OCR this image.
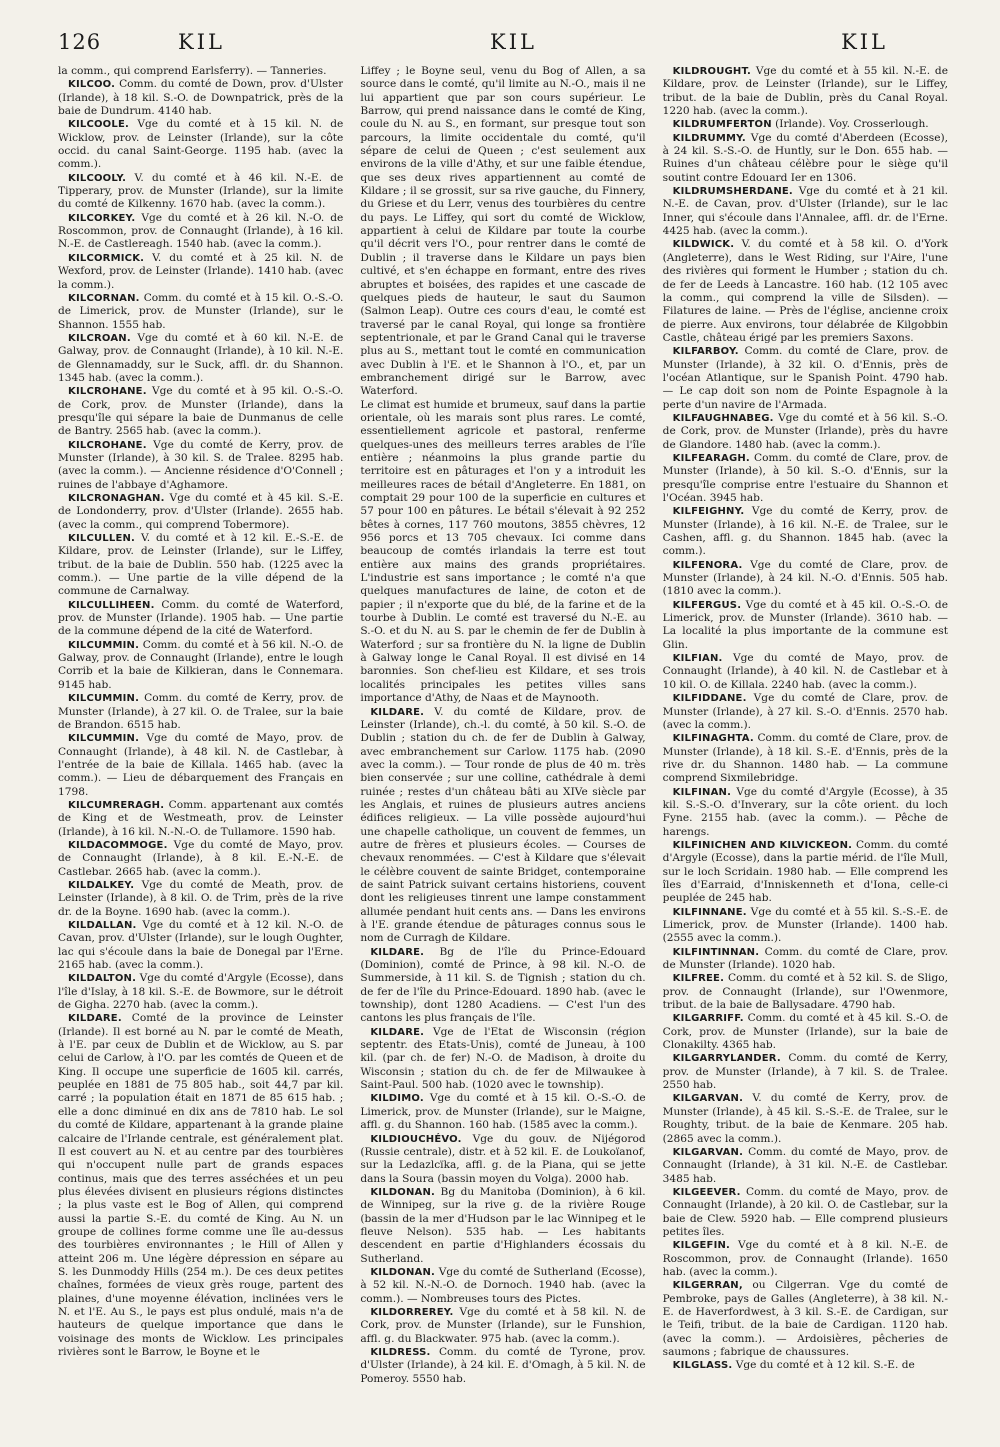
126	KIL	KIL	KIL

la comm., qui comprend Earlsferry). — Tanneries.

KILCOO. Comm. du comté de Down, prov. d'Ulster (Irlande), à 18 kil. S.-O. de Downpatrick, près de la baie de Dundrum. 4140 hab.

KILCOOLE. Vge du comté et à 15 kil. N. de Wicklow, prov. de Leinster (Irlande), sur la côte occid. du canal Saint-George. 1195 hab. (avec la comm.).

KILCOOLY. V. du comté et à 46 kil. N.-E. de Tipperary, prov. de Munster (Irlande), sur la limite du comté de Kilkenny. 1670 hab. (avec la comm.).

KILCORKEY. Vge du comté et à 26 kil. N.-O. de Roscommon, prov. de Connaught (Irlande), à 16 kil. N.-E. de Castlereagh. 1540 hab. (avec la comm.).

KILCORMICK. V. du comté et à 25 kil. N. de Wexford, prov. de Leinster (Irlande). 1410 hab. (avec la comm.).

KILCORNAN. Comm. du comté et à 15 kil. O.-S.-O. de Limerick, prov. de Munster (Irlande), sur le Shannon. 1555 hab.

KILCROAN. Vge du comté et à 60 kil. N.-E. de Galway, prov. de Connaught (Irlande), à 10 kil. N.-E. de Glennamaddy, sur le Suck, affl. dr. du Shannon. 1345 hab. (avec la comm.).

KILCROHANE. Vge du comté et à 95 kil. O.-S.-O. de Cork, prov. de Munster (Irlande), dans la presqu'île qui sépare la baie de Dunmanus de celle de Bantry. 2565 hab. (avec la comm.).

KILCROHANE. Vge du comté de Kerry, prov. de Munster (Irlande), à 30 kil. S. de Tralee. 8295 hab. (avec la comm.). — Ancienne résidence d'O'Connell ; ruines de l'abbaye d'Aghamore.

KILCRONAGHAN. Vge du comté et à 45 kil. S.-E. de Londonderry, prov. d'Ulster (Irlande). 2655 hab. (avec la comm., qui comprend Tobermore).

KILCULLEN. V. du comté et à 12 kil. E.-S.-E. de Kildare, prov. de Leinster (Irlande), sur le Liffey, tribut. de la baie de Dublin. 550 hab. (1225 avec la comm.). — Une partie de la ville dépend de la commune de Carnalway.

KILCULLIHEEN. Comm. du comté de Waterford, prov. de Munster (Irlande). 1905 hab. — Une partie de la commune dépend de la cité de Waterford.

KILCUMMIN. Comm. du comté et à 56 kil. N.-O. de Galway, prov. de Connaught (Irlande), entre le lough Corrib et la baie de Kilkieran, dans le Connemara. 9145 hab.

KILCUMMIN. Comm. du comté de Kerry, prov. de Munster (Irlande), à 27 kil. O. de Tralee, sur la baie de Brandon. 6515 hab.

KILCUMMIN. Vge du comté de Mayo, prov. de Connaught (Irlande), à 48 kil. N. de Castlebar, à l'entrée de la baie de Killala. 1465 hab. (avec la comm.). — Lieu de débarquement des Français en 1798.

KILCUMRERAGH. Comm. appartenant aux comtés de King et de Westmeath, prov. de Leinster (Irlande), à 16 kil. N.-N.-O. de Tullamore. 1590 hab.

KILDACOMMOGE. Vge du comté de Mayo, prov. de Connaught (Irlande), à 8 kil. E.-N.-E. de Castlebar. 2665 hab. (avec la comm.).

KILDALKEY. Vge du comté de Meath, prov. de Leinster (Irlande), à 8 kil. O. de Trim, près de la rive dr. de la Boyne. 1690 hab. (avec la comm.).

KILDALLAN. Vge du comté et à 12 kil. N.-O. de Cavan, prov. d'Ulster (Irlande), sur le lough Oughter, lac qui s'écoule dans la baie de Donegal par l'Erne. 2165 hab. (avec la comm.).

KILDALTON. Vge du comté d'Argyle (Ecosse), dans l'île d'Islay, à 18 kil. S.-E. de Bowmore, sur le détroit de Gigha. 2270 hab. (avec la comm.).

KILDARE. Comté de la province de Leinster (Irlande). Il est borné au N. par le comté de Meath, à l'E. par ceux de Dublin et de Wicklow, au S. par celui de Carlow, à l'O. par les comtés de Queen et de King. Il occupe une superficie de 1605 kil. carrés, peuplée en 1881 de 75 805 hab., soit 44,7 par kil. carré ; la population était en 1871 de 85 615 hab. ; elle a donc diminué en dix ans de 7810 hab. Le sol du comté de Kildare, appartenant à la grande plaine calcaire de l'Irlande centrale, est généralement plat. Il est couvert au N. et au centre par des tourbières qui n'occupent nulle part de grands espaces continus, mais que des terres asséchées et un peu plus élevées divisent en plusieurs régions distinctes ; la plus vaste est le Bog of Allen, qui comprend aussi la partie S.-E. du comté de King. Au N. un groupe de collines forme comme une île au-dessus des tourbières environnantes ; le Hill of Allen y atteint 206 m. Une légère dépression en sépare au S. les Dunmoddy Hills (254 m.). De ces deux petites chaînes, formées de vieux grès rouge, partent des plaines, d'une moyenne élévation, inclinées vers le N. et l'E. Au S., le pays est plus ondulé, mais n'a de hauteurs de quelque importance que dans le voisinage des monts de Wicklow. Les principales rivières sont le Barrow, le Boyne et le

Liffey ; le Boyne seul, venu du Bog of Allen, a sa source dans le comté, qu'il limite au N.-O., mais il ne lui appartient que par son cours supérieur. Le Barrow, qui prend naissance dans le comté de King, coule du N. au S., en formant, sur presque tout son parcours, la limite occidentale du comté, qu'il sépare de celui de Queen ; c'est seulement aux environs de la ville d'Athy, et sur une faible étendue, que ses deux rives appartiennent au comté de Kildare ; il se grossit, sur sa rive gauche, du Finnery, du Griese et du Lerr, venus des tourbières du centre du pays. Le Liffey, qui sort du comté de Wicklow, appartient à celui de Kildare par toute la courbe qu'il décrit vers l'O., pour rentrer dans le comté de Dublin ; il traverse dans le Kildare un pays bien cultivé, et s'en échappe en formant, entre des rives abruptes et boisées, des rapides et une cascade de quelques pieds de hauteur, le saut du Saumon (Salmon Leap). Outre ces cours d'eau, le comté est traversé par le canal Royal, qui longe sa frontière septentrionale, et par le Grand Canal qui le traverse plus au S., mettant tout le comté en communication avec Dublin à l'E. et le Shannon à l'O., et, par un embranchement dirigé sur le Barrow, avec Waterford.

Le climat est humide et brumeux, sauf dans la partie orientale, où les marais sont plus rares. Le comté, essentiellement agricole et pastoral, renferme quelques-unes des meilleurs terres arables de l'île entière ; néanmoins la plus grande partie du territoire est en pâturages et l'on y a introduit les meilleures races de bétail d'Angleterre. En 1881, on comptait 29 pour 100 de la superficie en cultures et 57 pour 100 en pâtures. Le bétail s'élevait à 92 252 bêtes à cornes, 117 760 moutons, 3855 chèvres, 12 956 porcs et 13 705 chevaux. Ici comme dans beaucoup de comtés irlandais la terre est tout entière aux mains des grands propriétaires. L'industrie est sans importance ; le comté n'a que quelques manufactures de laine, de coton et de papier ; il n'exporte que du blé, de la farine et de la tourbe à Dublin. Le comté est traversé du N.-E. au S.-O. et du N. au S. par le chemin de fer de Dublin à Waterford ; sur sa frontière du N. la ligne de Dublin à Galway longe le Canal Royal. Il est divisé en 14 baronnies. Son chef-lieu est Kildare, et ses trois localités principales les petites villes sans importance d'Athy, de Naas et de Maynooth.

KILDARE. V. du comté de Kildare, prov. de Leinster (Irlande), ch.-l. du comté, à 50 kil. S.-O. de Dublin ; station du ch. de fer de Dublin à Galway, avec embranchement sur Carlow. 1175 hab. (2090 avec la comm.). — Tour ronde de plus de 40 m. très bien conservée ; sur une colline, cathédrale à demi ruinée ; restes d'un château bâti au XIVe siècle par les Anglais, et ruines de plusieurs autres anciens édifices religieux. — La ville possède aujourd'hui une chapelle catholique, un couvent de femmes, un autre de frères et plusieurs écoles. — Courses de chevaux renommées. — C'est à Kildare que s'élevait le célèbre couvent de sainte Bridget, contemporaine de saint Patrick suivant certains historiens, couvent dont les religieuses tinrent une lampe constamment allumée pendant huit cents ans. — Dans les environs à l'E. grande étendue de pâturages connus sous le nom de Curragh de Kildare.

KILDARE. Bg de l'île du Prince-Edouard (Dominion), comté de Prince, à 98 kil. N.-O. de Summerside, à 11 kil. S. de Tignish ; station du ch. de fer de l'île du Prince-Edouard. 1890 hab. (avec le township), dont 1280 Acadiens. — C'est l'un des cantons les plus français de l'île.

KILDARE. Vge de l'Etat de Wisconsin (région septentr. des Etats-Unis), comté de Juneau, à 100 kil. (par ch. de fer) N.-O. de Madison, à droite du Wisconsin ; station du ch. de fer de Milwaukee à Saint-Paul. 500 hab. (1020 avec le township).

KILDIMO. Vge du comté et à 15 kil. O.-S.-O. de Limerick, prov. de Munster (Irlande), sur le Maigne, affl. g. du Shannon. 160 hab. (1585 avec la comm.).

KILDIOUCHÉVO. Vge du gouv. de Nijégorod (Russie centrale), distr. et à 52 kil. E. de Loukoïanof, sur la Ledazlcïka, affl. g. de la Piana, qui se jette dans la Soura (bassin moyen du Volga). 2000 hab.

KILDONAN. Bg du Manitoba (Dominion), à 6 kil. de Winnipeg, sur la rive g. de la rivière Rouge (bassin de la mer d'Hudson par le lac Winnipeg et le fleuve Nelson). 535 hab. — Les habitants descendent en partie d'Highlanders écossais du Sutherland.

KILDONAN. Vge du comté de Sutherland (Ecosse), à 52 kil. N.-N.-O. de Dornoch. 1940 hab. (avec la comm.). — Nombreuses tours des Pictes.

KILDORREREY. Vge du comté et à 58 kil. N. de Cork, prov. de Munster (Irlande), sur le Funshion, affl. g. du Blackwater. 975 hab. (avec la comm.).

KILDRESS. Comm. du comté de Tyrone, prov. d'Ulster (Irlande), à 24 kil. E. d'Omagh, à 5 kil. N. de Pomeroy. 5550 hab.

KILDROUGHT. Vge du comté et à 55 kil. N.-E. de Kildare, prov. de Leinster (Irlande), sur le Liffey, tribut. de la baie de Dublin, près du Canal Royal. 1220 hab. (avec la comm.).

KILDRUMFERTON (Irlande). Voy. Crosserlough.

KILDRUMMY. Vge du comté d'Aberdeen (Ecosse), à 24 kil. S.-S.-O. de Huntly, sur le Don. 655 hab. — Ruines d'un château célèbre pour le siège qu'il soutint contre Edouard Ier en 1306.

KILDRUMSHERDANE. Vge du comté et à 21 kil. N.-E. de Cavan, prov. d'Ulster (Irlande), sur le lac Inner, qui s'écoule dans l'Annalee, affl. dr. de l'Erne. 4425 hab. (avec la comm.).

KILDWICK. V. du comté et à 58 kil. O. d'York (Angleterre), dans le West Riding, sur l'Aire, l'une des rivières qui forment le Humber ; station du ch. de fer de Leeds à Lancastre. 160 hab. (12 105 avec la comm., qui comprend la ville de Silsden). — Filatures de laine. — Près de l'église, ancienne croix de pierre. Aux environs, tour délabrée de Kilgobbin Castle, château érigé par les premiers Saxons.

KILFARBOY. Comm. du comté de Clare, prov. de Munster (Irlande), à 32 kil. O. d'Ennis, près de l'océan Atlantique, sur le Spanish Point. 4790 hab. — Le cap doit son nom de Pointe Espagnole à la perte d'un navire de l'Armada.

KILFAUGHNABEG. Vge du comté et à 56 kil. S.-O. de Cork, prov. de Munster (Irlande), près du havre de Glandore. 1480 hab. (avec la comm.).

KILFEARAGH. Comm. du comté de Clare, prov. de Munster (Irlande), à 50 kil. S.-O. d'Ennis, sur la presqu'île comprise entre l'estuaire du Shannon et l'Océan. 3945 hab.

KILFEIGHNY. Vge du comté de Kerry, prov. de Munster (Irlande), à 16 kil. N.-E. de Tralee, sur le Cashen, affl. g. du Shannon. 1845 hab. (avec la comm.).

KILFENORA. Vge du comté de Clare, prov. de Munster (Irlande), à 24 kil. N.-O. d'Ennis. 505 hab. (1810 avec la comm.).

KILFERGUS. Vge du comté et à 45 kil. O.-S.-O. de Limerick, prov. de Munster (Irlande). 3610 hab. — La localité la plus importante de la commune est Glin.

KILFIAN. Vge du comté de Mayo, prov. de Connaught (Irlande), à 40 kil. N. de Castlebar et à 10 kil. O. de Killala. 2240 hab. (avec la comm.).

KILFIDDANE. Vge du comté de Clare, prov. de Munster (Irlande), à 27 kil. S.-O. d'Ennis. 2570 hab. (avec la comm.).

KILFINAGHTA. Comm. du comté de Clare, prov. de Munster (Irlande), à 18 kil. S.-E. d'Ennis, près de la rive dr. du Shannon. 1480 hab. — La commune comprend Sixmilebridge.

KILFINAN. Vge du comté d'Argyle (Ecosse), à 35 kil. S.-S.-O. d'Inverary, sur la côte orient. du loch Fyne. 2155 hab. (avec la comm.). — Pêche de harengs.

KILFINICHEN AND KILVICKEON. Comm. du comté d'Argyle (Ecosse), dans la partie mérid. de l'île Mull, sur le loch Scridain. 1980 hab. — Elle comprend les îles d'Earraid, d'Inniskenneth et d'Iona, celle-ci peuplée de 245 hab.

KILFINNANE. Vge du comté et à 55 kil. S.-S.-E. de Limerick, prov. de Munster (Irlande). 1400 hab. (2555 avec la comm.).

KILFINTINNAN. Comm. du comté de Clare, prov. de Munster (Irlande). 1020 hab.

KILFREE. Comm. du comté et à 52 kil. S. de Sligo, prov. de Connaught (Irlande), sur l'Owenmore, tribut. de la baie de Ballysadare. 4790 hab.

KILGARRIFF. Comm. du comté et à 45 kil. S.-O. de Cork, prov. de Munster (Irlande), sur la baie de Clonakilty. 4365 hab.

KILGARRYLANDER. Comm. du comté de Kerry, prov. de Munster (Irlande), à 7 kil. S. de Tralee. 2550 hab.

KILGARVAN. V. du comté de Kerry, prov. de Munster (Irlande), à 45 kil. S.-S.-E. de Tralee, sur le Roughty, tribut. de la baie de Kenmare. 205 hab. (2865 avec la comm.).

KILGARVAN. Comm. du comté de Mayo, prov. de Connaught (Irlande), à 31 kil. N.-E. de Castlebar. 3485 hab.

KILGEEVER. Comm. du comté de Mayo, prov. de Connaught (Irlande), à 20 kil. O. de Castlebar, sur la baie de Clew. 5920 hab. — Elle comprend plusieurs petites îles.

KILGEFIN. Vge du comté et à 8 kil. N.-E. de Roscommon, prov. de Connaught (Irlande). 1650 hab. (avec la comm.).

KILGERRAN, ou Cilgerran. Vge du comté de Pembroke, pays de Galles (Angleterre), à 38 kil. N.-E. de Haverfordwest, à 3 kil. S.-E. de Cardigan, sur le Teifi, tribut. de la baie de Cardigan. 1120 hab. (avec la comm.). — Ardoisières, pêcheries de saumons ; fabrique de chaussures.

KILGLASS. Vge du comté et à 12 kil. S.-E. de
